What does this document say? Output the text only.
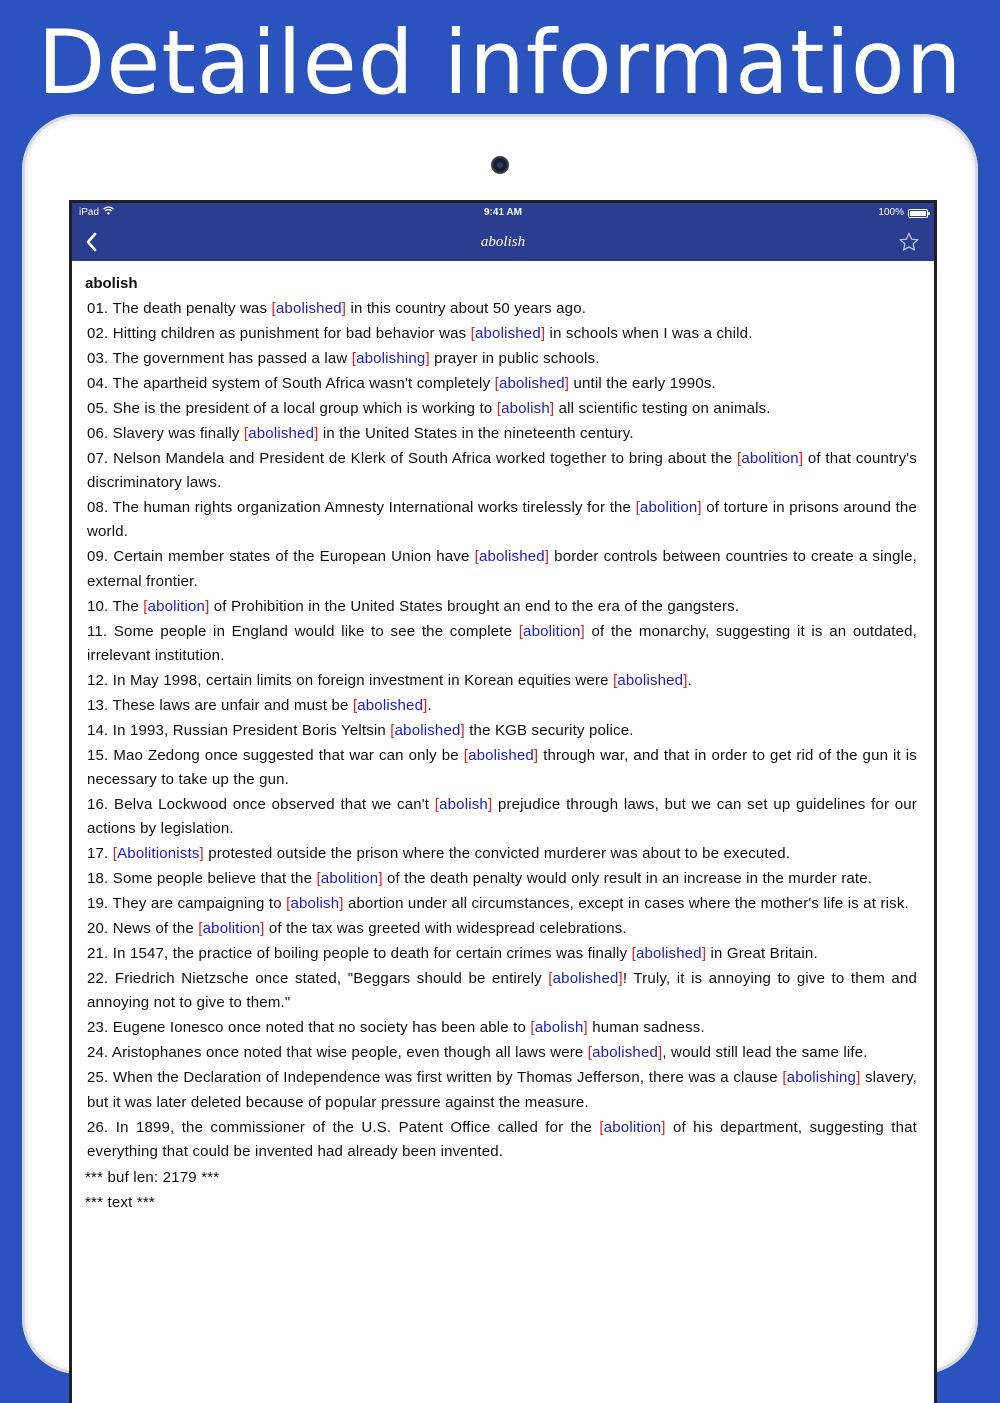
Detailed information
iPad	9:41 AM	100%
abolish
abolish
01. The death penalty was [abolished] in this country about 50 years ago.
02. Hitting children as punishment for bad behavior was [abolished] in schools when I was a child.
03. The government has passed a law [abolishing] prayer in public schools.
04. The apartheid system of South Africa wasn't completely [abolished] until the early 1990s.
05. She is the president of a local group which is working to [abolish] all scientific testing on animals.
06. Slavery was finally [abolished] in the United States in the nineteenth century.
07. Nelson Mandela and President de Klerk of South Africa worked together to bring about the [abolition] of that country's discriminatory laws.
08. The human rights organization Amnesty International works tirelessly for the [abolition] of torture in prisons around the world.
09. Certain member states of the European Union have [abolished] border controls between countries to create a single, external frontier.
10. The [abolition] of Prohibition in the United States brought an end to the era of the gangsters.
11. Some people in England would like to see the complete [abolition] of the monarchy, suggesting it is an outdated, irrelevant institution.
12. In May 1998, certain limits on foreign investment in Korean equities were [abolished].
13. These laws are unfair and must be [abolished].
14. In 1993, Russian President Boris Yeltsin [abolished] the KGB security police.
15. Mao Zedong once suggested that war can only be [abolished] through war, and that in order to get rid of the gun it is necessary to take up the gun.
16. Belva Lockwood once observed that we can't [abolish] prejudice through laws, but we can set up guidelines for our actions by legislation.
17. [Abolitionists] protested outside the prison where the convicted murderer was about to be executed.
18. Some people believe that the [abolition] of the death penalty would only result in an increase in the murder rate.
19. They are campaigning to [abolish] abortion under all circumstances, except in cases where the mother's life is at risk.
20. News of the [abolition] of the tax was greeted with widespread celebrations.
21. In 1547, the practice of boiling people to death for certain crimes was finally [abolished] in Great Britain.
22. Friedrich Nietzsche once stated, "Beggars should be entirely [abolished]! Truly, it is annoying to give to them and annoying not to give to them."
23. Eugene Ionesco once noted that no society has been able to [abolish] human sadness.
24. Aristophanes once noted that wise people, even though all laws were [abolished], would still lead the same life.
25. When the Declaration of Independence was first written by Thomas Jefferson, there was a clause [abolishing] slavery, but it was later deleted because of popular pressure against the measure.
26. In 1899, the commissioner of the U.S. Patent Office called for the [abolition] of his department, suggesting that everything that could be invented had already been invented.
*** buf len: 2179 ***
*** text ***
